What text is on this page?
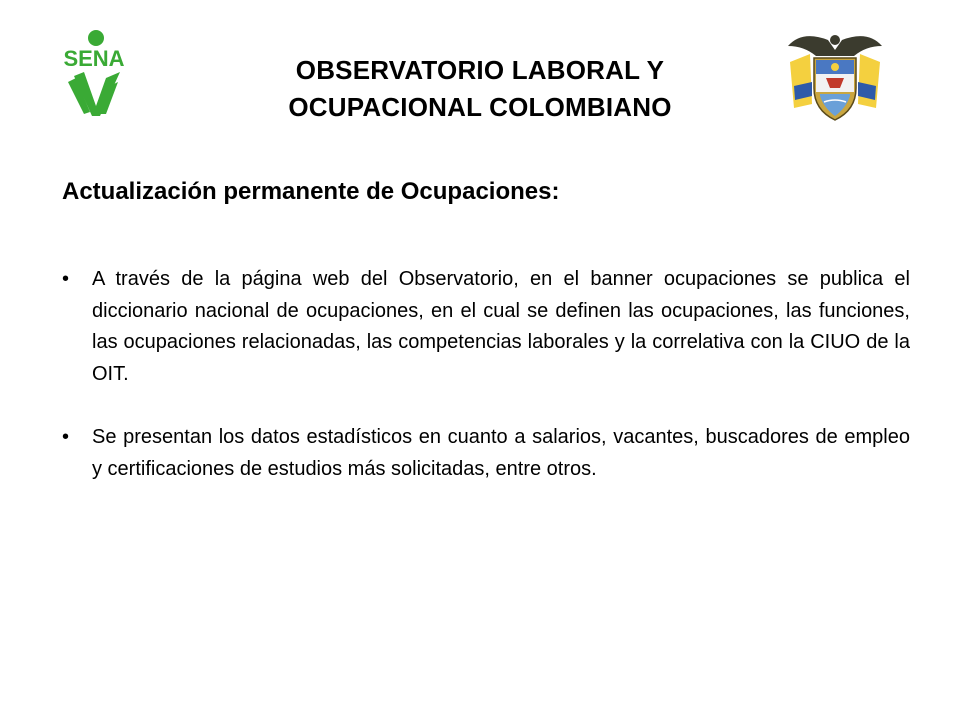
SENA	OBSERVATORIO LABORAL Y
OCUPACIONAL COLOMBIANO
Actualización permanente de Ocupaciones:
• A través de la página web del Observatorio, en el banner ocupaciones se publica el diccionario nacional de ocupaciones, en el cual se definen las ocupaciones, las funciones, las ocupaciones relacionadas, las competencias laborales y la correlativa con la CIUO de la OIT.
• Se presentan los datos estadísticos en cuanto a salarios, vacantes, buscadores de empleo y certificaciones de estudios más solicitadas, entre otros.
